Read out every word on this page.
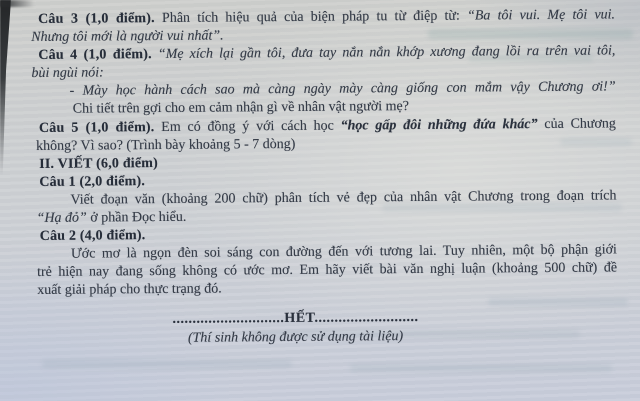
Câu 3 (1,0 điểm). Phân tích hiệu quả của biện pháp tu từ điệp từ: “Ba tôi vui. Mẹ tôi vui.
Nhưng tôi mới là người vui nhất”.
Câu 4 (1,0 điểm). “Mẹ xích lại gần tôi, đưa tay nắn nắn khớp xương đang lồi ra trên vai tôi,
bùi ngùi nói:
- Mày học hành cách sao mà càng ngày mày càng giống con mắm vậy Chương ơi!”
Chi tiết trên gợi cho em cảm nhận gì về nhân vật người mẹ?
Câu 5 (1,0 điểm). Em có đồng ý với cách học “học gấp đôi những đứa khác” của Chương
không? Vì sao? (Trình bày khoảng 5 - 7 dòng)
II. VIẾT (6,0 điểm)
Câu 1 (2,0 điểm).
Viết đoạn văn (khoảng 200 chữ) phân tích vẻ đẹp của nhân vật Chương trong đoạn trích
“Hạ đỏ” ở phần Đọc hiểu.
Câu 2 (4,0 điểm).
Ước mơ là ngọn đèn soi sáng con đường đến với tương lai. Tuy nhiên, một bộ phận giới
trẻ hiện nay đang sống không có ước mơ. Em hãy viết bài văn nghị luận (khoảng 500 chữ) đề
xuất giải pháp cho thực trạng đó.
............................HẾT..........................
(Thí sinh không được sử dụng tài liệu)
